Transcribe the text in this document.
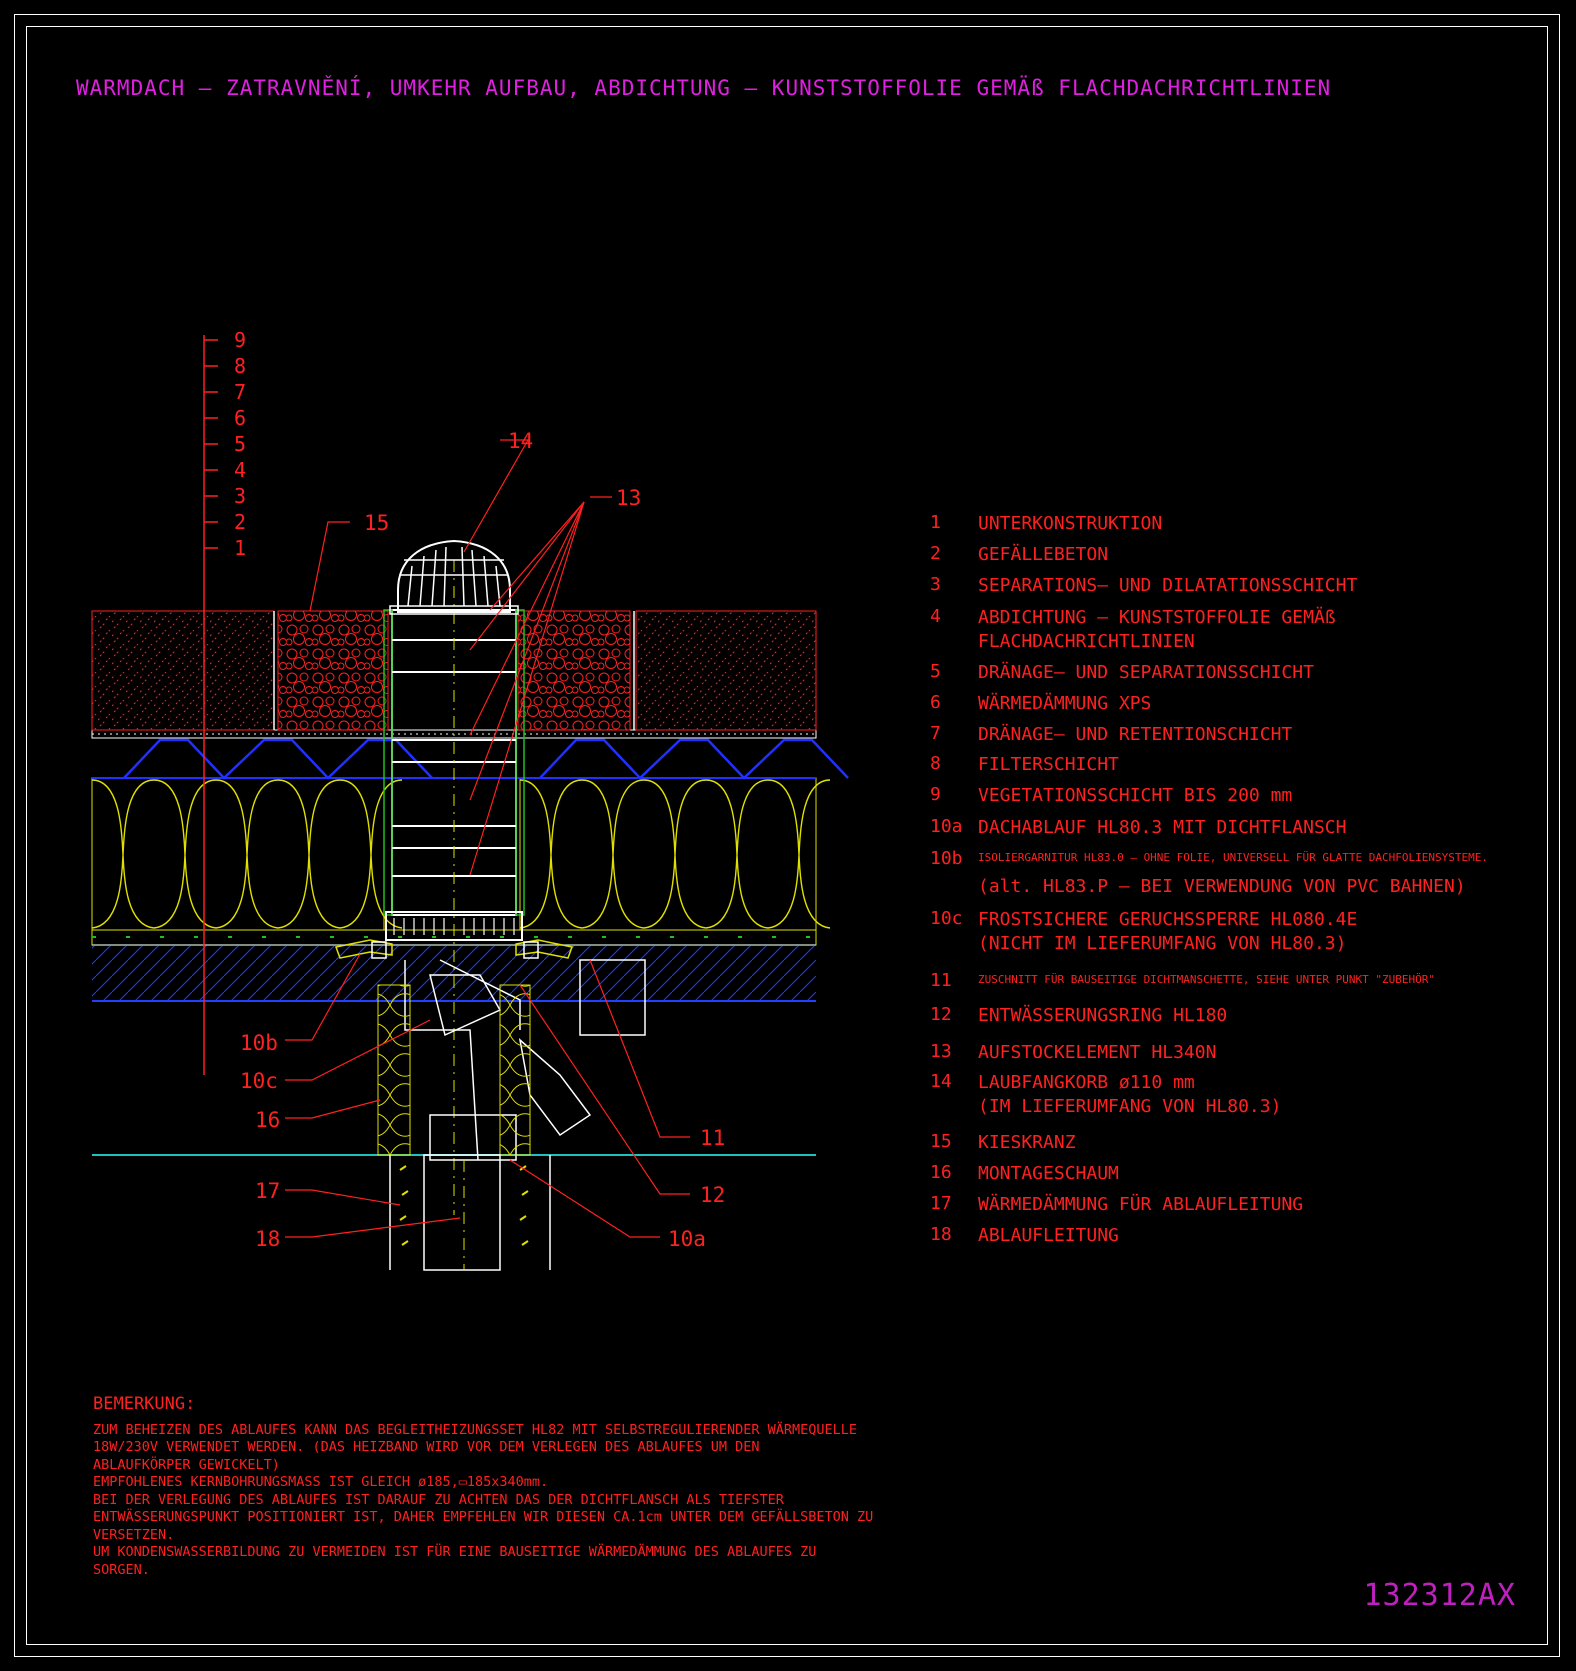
WARMDACH – ZATRAVNĚNÍ, UMKEHR AUFBAU, ABDICHTUNG – KUNSTSTOFFOLIE GEMÄß FLACHDACHRICHTLINIEN
9
8
7
6
5
4
3
2
1
14
13
15
10b
10c
16
17
18
11
12
10a
1	UNTERKONSTRUKTION
2	GEFÄLLEBETON
3	SEPARATIONS– UND DILATATIONSSCHICHT
4	ABDICHTUNG – KUNSTSTOFFOLIE GEMÄß
FLACHDACHRICHTLINIEN
5	DRÄNAGE– UND SEPARATIONSSCHICHT
6	WÄRMEDÄMMUNG XPS
7	DRÄNAGE– UND RETENTIONSCHICHT
8	FILTERSCHICHT
9	VEGETATIONSSCHICHT BIS 200 mm
10a DACHABLAUF HL80.3 MIT DICHTFLANSCH
10b	ISOLIERGARNITUR HL83.0 – OHNE FOLIE, UNIVERSELL FÜR GLATTE DACHFOLIENSYSTEME.
(alt. HL83.P – BEI VERWENDUNG VON PVC BAHNEN)
10c FROSTSICHERE GERUCHSSPERRE HL080.4E
(NICHT IM LIEFERUMFANG VON HL80.3)
11	ZUSCHNITT FÜR BAUSEITIGE DICHTMANSCHETTE, SIEHE UNTER PUNKT "ZUBEHÖR"
12	ENTWÄSSERUNGSRING HL180
13	AUFSTOCKELEMENT HL340N
14	LAUBFANGKORB ø110 mm
(IM LIEFERUMFANG VON HL80.3)
15	KIESKRANZ
16	MONTAGESCHAUM
17	WÄRMEDÄMMUNG FÜR ABLAUFLEITUNG
18	ABLAUFLEITUNG
BEMERKUNG:
ZUM BEHEIZEN DES ABLAUFES KANN DAS BEGLEITHEIZUNGSSET HL82 MIT SELBSTREGULIERENDER WÄRMEQUELLE
18W/230V VERWENDET WERDEN. (DAS HEIZBAND WIRD VOR DEM VERLEGEN DES ABLAUFES UM DEN
ABLAUFKÖRPER GEWICKELT)
EMPFOHLENES KERNBOHRUNGSMASS IST GLEICH ø185,▭185x340mm.
BEI DER VERLEGUNG DES ABLAUFES IST DARAUF ZU ACHTEN DAS DER DICHTFLANSCH ALS TIEFSTER
ENTWÄSSERUNGSPUNKT POSITIONIERT IST, DAHER EMPFEHLEN WIR DIESEN CA.1cm UNTER DEM GEFÄLLSBETON ZU
VERSETZEN.
UM KONDENSWASSERBILDUNG ZU VERMEIDEN IST FÜR EINE BAUSEITIGE WÄRMEDÄMMUNG DES ABLAUFES ZU
SORGEN.
132312AX
